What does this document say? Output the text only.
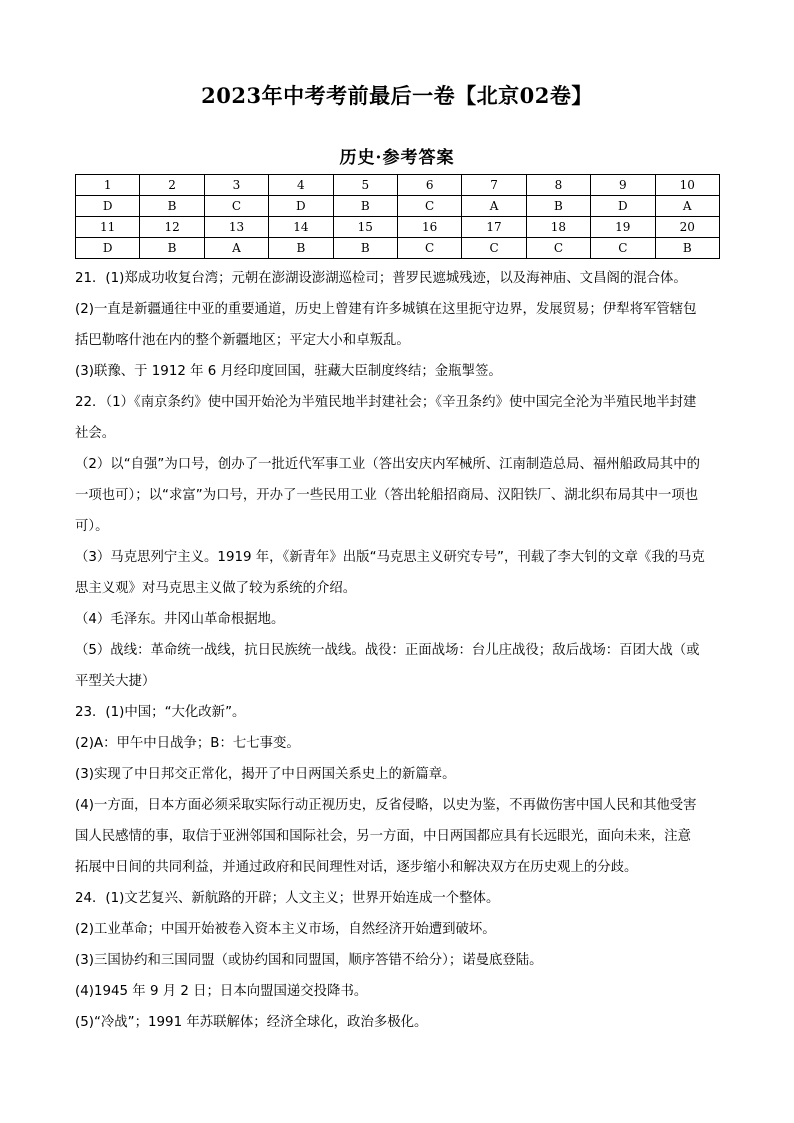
2023年中考考前最后一卷【北京02卷】
历史·参考答案
1	2	3	4	5	6	7	8	9	10
D	B	C	D	B	C	A	B	D	A
11	12	13	14	15	16	17	18	19	20
D	B	A	B	B	C	C	C	C	B

21．(1)郑成功收复台湾；元朝在澎湖设澎湖巡检司；普罗民遮城残迹，以及海神庙、文昌阁的混合体。

(2)一直是新疆通往中亚的重要通道，历史上曾建有许多城镇在这里扼守边界，发展贸易；伊犁将军管辖包

括巴勒喀什池在内的整个新疆地区；平定大小和卓叛乱。

(3)联豫、于 1912 年 6 月经印度回国，驻藏大臣制度终结；金瓶掣签。

22．（1）《南京条约》使中国开始沦为半殖民地半封建社会；《辛丑条约》使中国完全沦为半殖民地半封建

社会。

（2）以“自强”为口号，创办了一批近代军事工业（答出安庆内军械所、江南制造总局、福州船政局其中的

一项也可）；以“求富”为口号，开办了一些民用工业（答出轮船招商局、汉阳铁厂、湖北织布局其中一项也

可）。

（3）马克思列宁主义。1919 年，《新青年》出版“马克思主义研究专号”，刊载了李大钊的文章《我的马克

思主义观》对马克思主义做了较为系统的介绍。

（4）毛泽东。井冈山革命根据地。

（5）战线：革命统一战线，抗日民族统一战线。战役：正面战场：台儿庄战役；敌后战场：百团大战（或

平型关大捷）

23．(1)中国；“大化改新”。

(2)A：甲午中日战争；B：七七事变。

(3)实现了中日邦交正常化，揭开了中日两国关系史上的新篇章。

(4)一方面，日本方面必须采取实际行动正视历史，反省侵略，以史为鉴，不再做伤害中国人民和其他受害

国人民感情的事，取信于亚洲邻国和国际社会，另一方面，中日两国都应具有长远眼光，面向未来，注意

拓展中日间的共同利益，并通过政府和民间理性对话，逐步缩小和解决双方在历史观上的分歧。

24．(1)文艺复兴、新航路的开辟；人文主义；世界开始连成一个整体。

(2)工业革命；中国开始被卷入资本主义市场，自然经济开始遭到破坏。

(3)三国协约和三国同盟（或协约国和同盟国，顺序答错不给分）；诺曼底登陆。

(4)1945 年 9 月 2 日；日本向盟国递交投降书。

(5)“冷战”；1991 年苏联解体；经济全球化，政治多极化。
